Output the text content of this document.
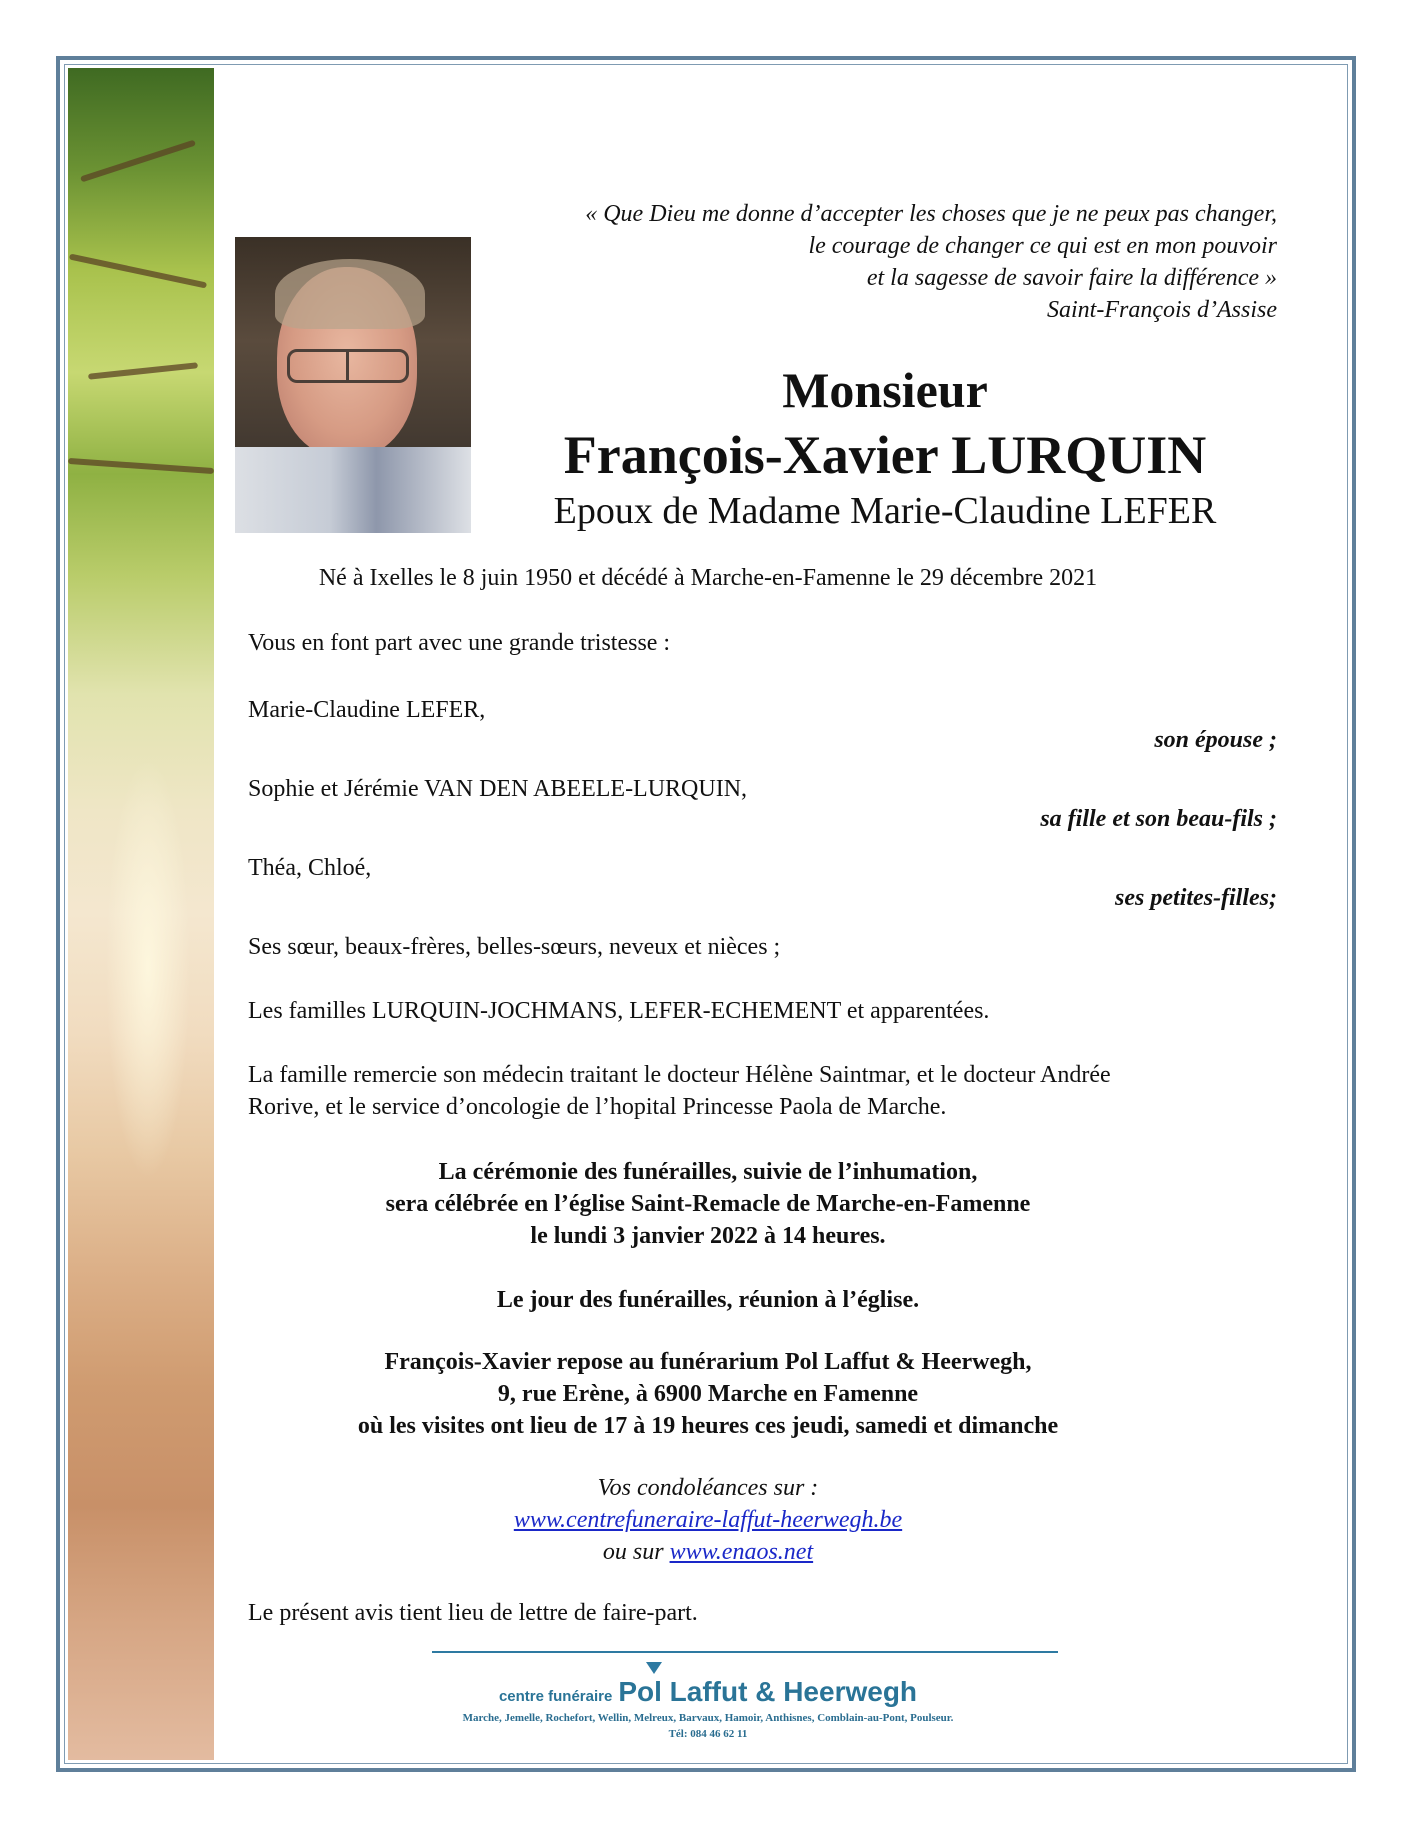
« Que Dieu me donne d’accepter les choses que je ne peux pas changer,
le courage de changer ce qui est en mon pouvoir
et la sagesse de savoir faire la différence »
Saint-François d’Assise
Monsieur
François-Xavier LURQUIN
Epoux de Madame Marie-Claudine LEFER
Né à Ixelles le 8 juin 1950 et décédé à Marche-en-Famenne le 29 décembre 2021
Vous en font part avec une grande tristesse :
Marie-Claudine LEFER,
son épouse ;
Sophie et Jérémie VAN DEN ABEELE-LURQUIN,
sa fille et son beau-fils ;
Théa, Chloé,
ses petites-filles;
Ses sœur, beaux-frères, belles-sœurs, neveux et nièces ;
Les familles LURQUIN-JOCHMANS, LEFER-ECHEMENT et apparentées.
La famille remercie son médecin traitant le docteur Hélène Saintmar, et le docteur Andrée
Rorive, et le service d’oncologie de l’hopital Princesse Paola de Marche.
La cérémonie des funérailles, suivie de l’inhumation,
sera célébrée en l’église Saint-Remacle de Marche-en-Famenne
le lundi 3 janvier 2022 à 14 heures.
Le jour des funérailles, réunion à l’église.
François-Xavier repose au funérarium Pol Laffut & Heerwegh,
9, rue Erène, à 6900 Marche en Famenne
où les visites ont lieu de 17 à 19 heures ces jeudi, samedi et dimanche
Vos condoléances sur :
www.centrefuneraire-laffut-heerwegh.be
ou sur www.enaos.net
Le présent avis tient lieu de lettre de faire-part.
centre funéraire Pol Laffut & Heerwegh
Marche, Jemelle, Rochefort, Wellin, Melreux, Barvaux, Hamoir, Anthisnes, Comblain-au-Pont, Poulseur.
Tél: 084 46 62 11
